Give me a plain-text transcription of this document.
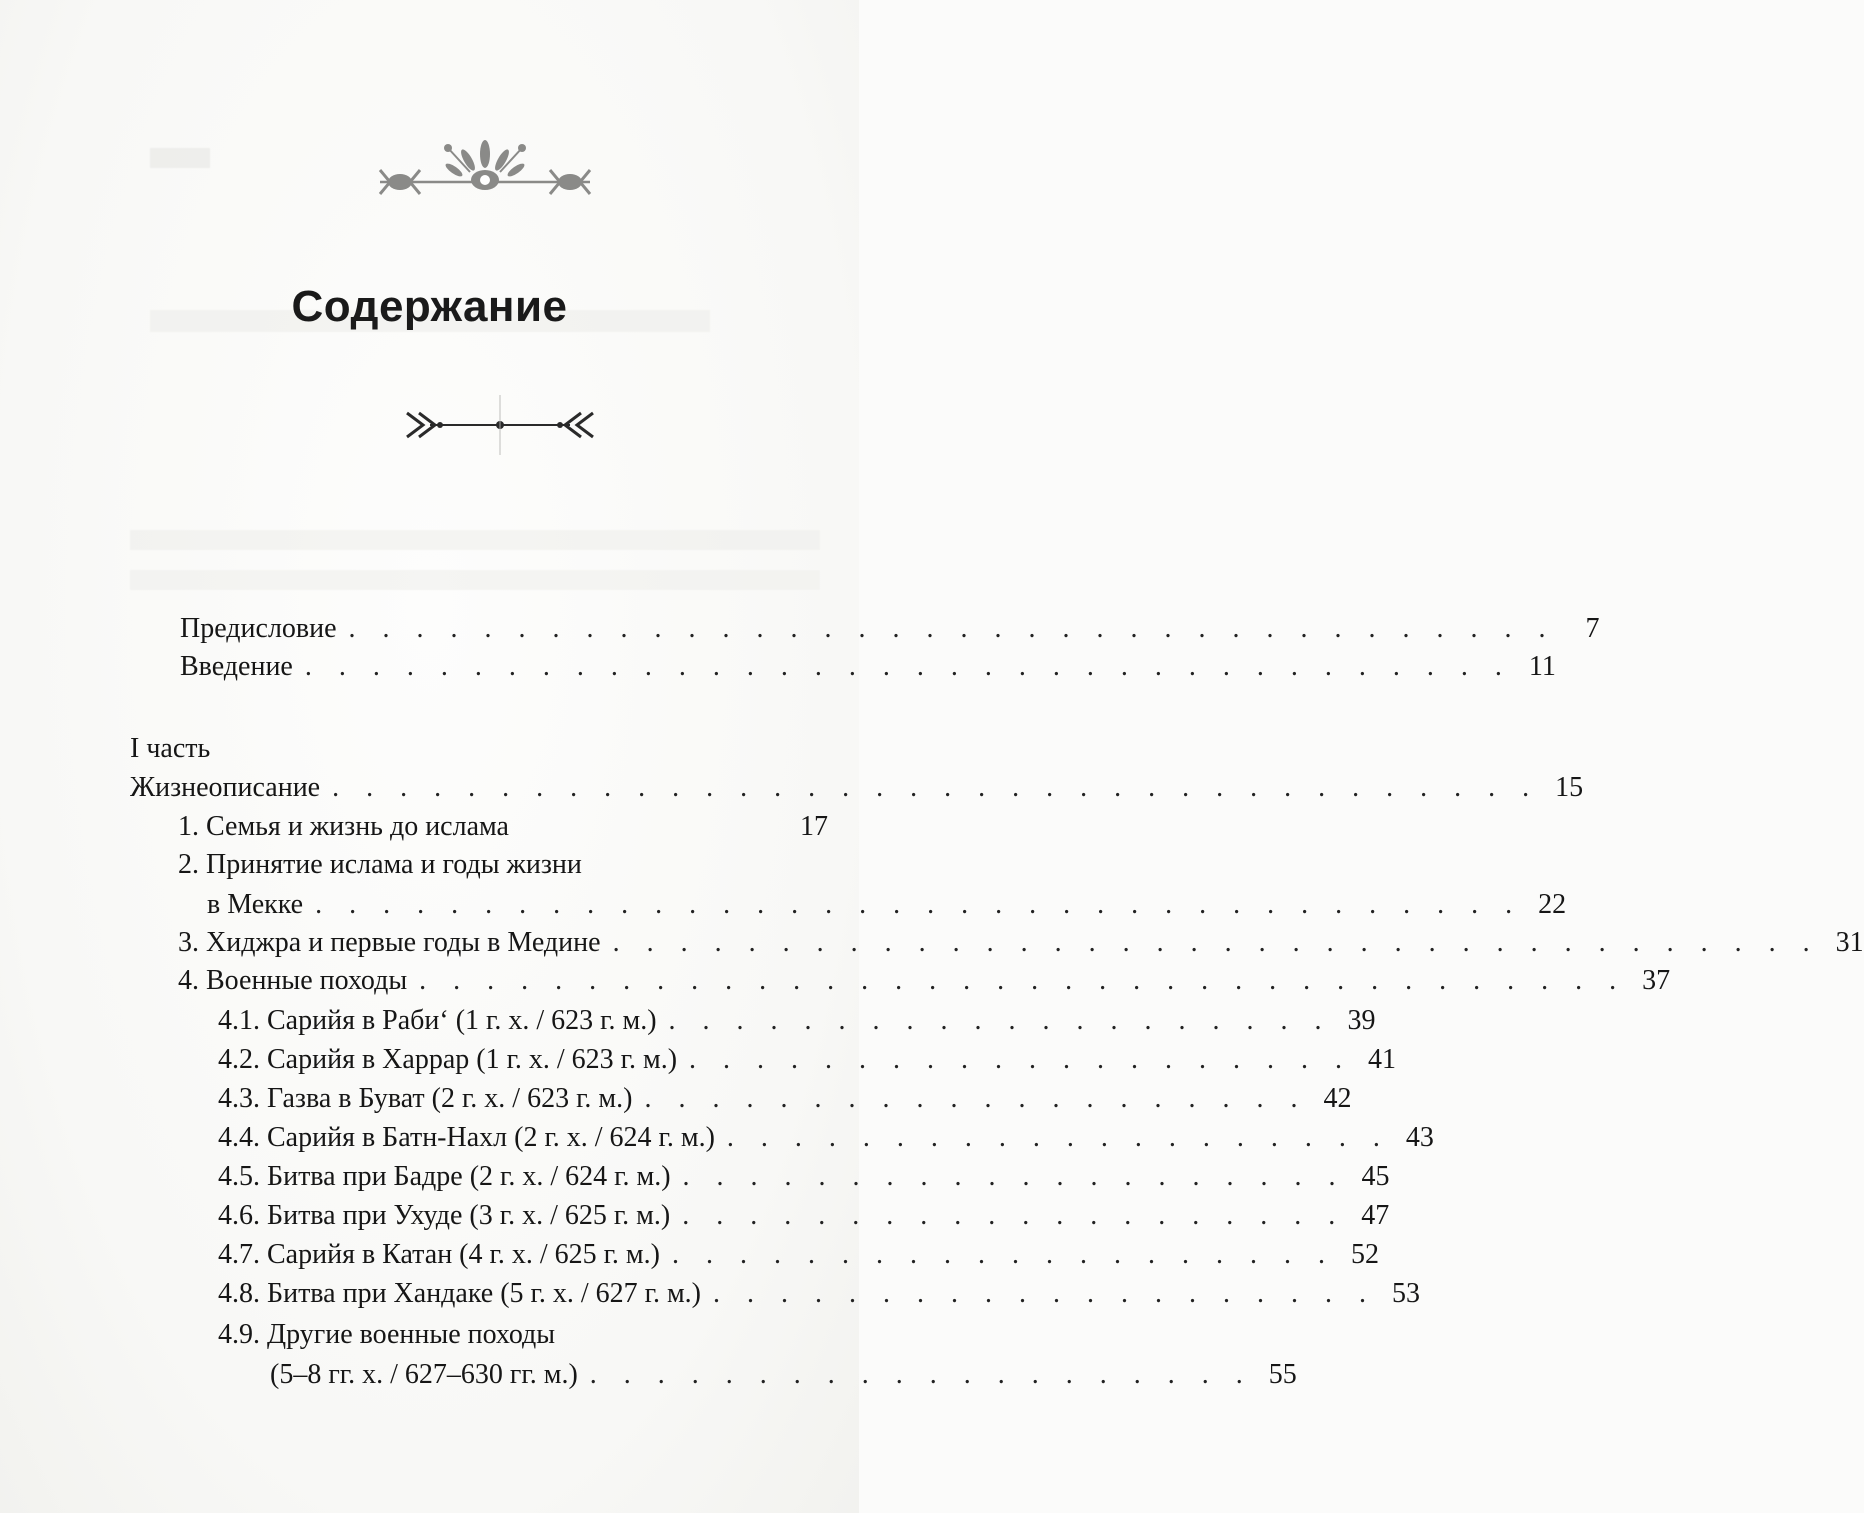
Содержание
Предисловие . . . . . . . . . . . . . . . . . . . . . . . . . . . . . . . . . . . .	7
Введение . . . . . . . . . . . . . . . . . . . . . . . . . . . . . . . . . . . . 11
I часть
Жизнеописание . . . . . . . . . . . . . . . . . . . . . . . . . . . . . . . . . . . . 15
1. Семья и жизнь до ислама	17
2. Принятие ислама и годы жизни
в Мекке . . . . . . . . . . . . . . . . . . . . . . . . . . . . . . . . . . . . 22
3. Хиджра и первые годы в Медине . . . . . . . . . . . . . . . . . . . . . . . . . . . . . . . . . . . . 31
4. Военные походы . . . . . . . . . . . . . . . . . . . . . . . . . . . . . . . . . . . . 37
4.1. Сарийя в Раби‘ (1 г. х. / 623 г. м.) . . . . . . . . . . . . . . . . . . . . 39
4.2. Сарийя в Харрар (1 г. х. / 623 г. м.) . . . . . . . . . . . . . . . . . . . . 41
4.3. Газва в Буват (2 г. х. / 623 г. м.) . . . . . . . . . . . . . . . . . . . . 42
4.4. Сарийя в Батн-Нахл (2 г. х. / 624 г. м.) . . . . . . . . . . . . . . . . . . . . 43
4.5. Битва при Бадре (2 г. х. / 624 г. м.) . . . . . . . . . . . . . . . . . . . . 45
4.6. Битва при Ухуде (3 г. х. / 625 г. м.) . . . . . . . . . . . . . . . . . . . . 47
4.7. Сарийя в Катан (4 г. х. / 625 г. м.) . . . . . . . . . . . . . . . . . . . . 52
4.8. Битва при Хандаке (5 г. х. / 627 г. м.) . . . . . . . . . . . . . . . . . . . . 53
4.9. Другие военные походы
(5–8 гг. х. / 627–630 гг. м.) . . . . . . . . . . . . . . . . . . . . 55
